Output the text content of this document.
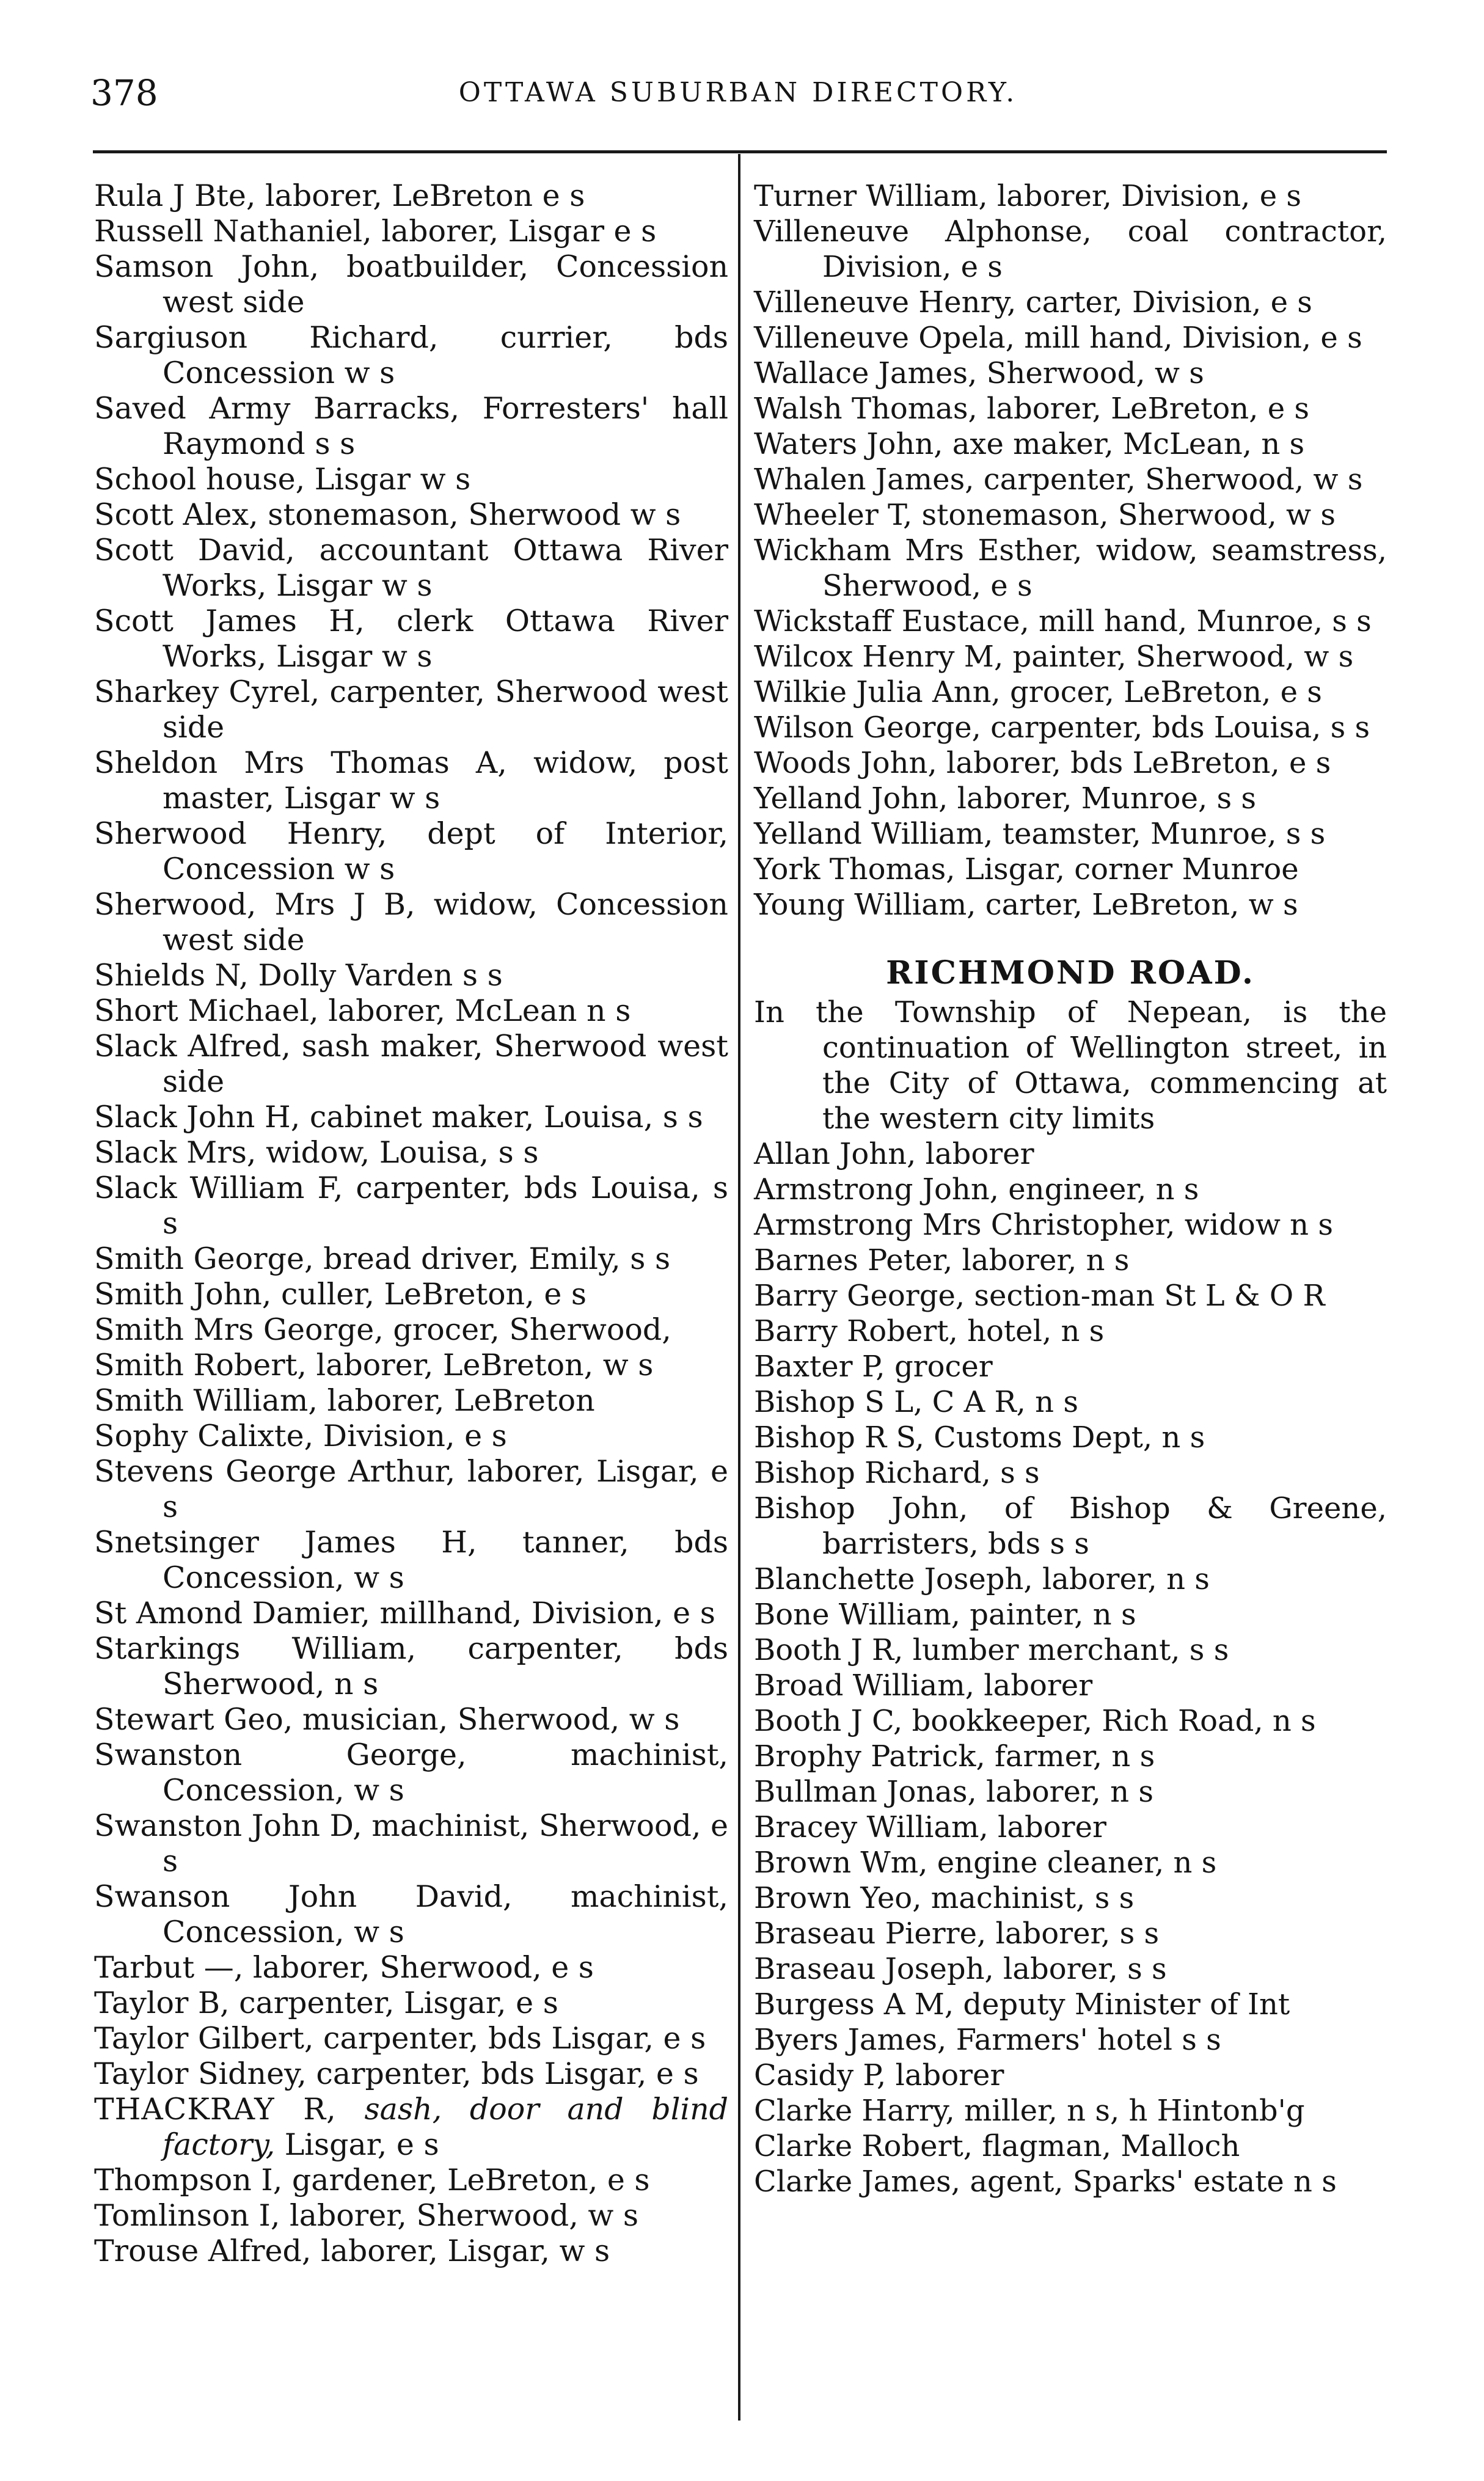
378	OTTAWA SUBURBAN DIRECTORY.
Rula J Bte, laborer, LeBreton e s
Russell Nathaniel, laborer, Lisgar e s
Samson John, boatbuilder, Concession west side
Sargiuson Richard, currier, bds Concession w s
Saved Army Barracks, Forresters' hall Raymond s s
School house, Lisgar w s
Scott Alex, stonemason, Sherwood w s
Scott David, accountant Ottawa River Works, Lisgar w s
Scott James H, clerk Ottawa River Works, Lisgar w s
Sharkey Cyrel, carpenter, Sherwood west side
Sheldon Mrs Thomas A, widow, post master, Lisgar w s
Sherwood Henry, dept of Interior, Concession w s
Sherwood, Mrs J B, widow, Concession west side
Shields N, Dolly Varden s s
Short Michael, laborer, McLean n s
Slack Alfred, sash maker, Sherwood west side
Slack John H, cabinet maker, Louisa, s s
Slack Mrs, widow, Louisa, s s
Slack William F, carpenter, bds Louisa, s s
Smith George, bread driver, Emily, s s
Smith John, culler, LeBreton, e s
Smith Mrs George, grocer, Sherwood,
Smith Robert, laborer, LeBreton, w s
Smith William, laborer, LeBreton
Sophy Calixte, Division, e s
Stevens George Arthur, laborer, Lisgar, e s
Snetsinger James H, tanner, bds Concession, w s
St Amond Damier, millhand, Division, e s
Starkings William, carpenter, bds Sherwood, n s
Stewart Geo, musician, Sherwood, w s
Swanston George, machinist, Concession, w s
Swanston John D, machinist, Sherwood, e s
Swanson John David, machinist, Concession, w s
Tarbut —, laborer, Sherwood, e s
Taylor B, carpenter, Lisgar, e s
Taylor Gilbert, carpenter, bds Lisgar, e s
Taylor Sidney, carpenter, bds Lisgar, e s
THACKRAY R, sash, door and blind factory, Lisgar, e s
Thompson I, gardener, LeBreton, e s
Tomlinson I, laborer, Sherwood, w s
Trouse Alfred, laborer, Lisgar, w s
Turner William, laborer, Division, e s
Villeneuve Alphonse, coal contractor, Division, e s
Villeneuve Henry, carter, Division, e s
Villeneuve Opela, mill hand, Division, e s
Wallace James, Sherwood, w s
Walsh Thomas, laborer, LeBreton, e s
Waters John, axe maker, McLean, n s
Whalen James, carpenter, Sherwood, w s
Wheeler T, stonemason, Sherwood, w s
Wickham Mrs Esther, widow, seamstress, Sherwood, e s
Wickstaff Eustace, mill hand, Munroe, s s
Wilcox Henry M, painter, Sherwood, w s
Wilkie Julia Ann, grocer, LeBreton, e s
Wilson George, carpenter, bds Louisa, s s
Woods John, laborer, bds LeBreton, e s
Yelland John, laborer, Munroe, s s
Yelland William, teamster, Munroe, s s
York Thomas, Lisgar, corner Munroe
Young William, carter, LeBreton, w s
RICHMOND ROAD.
In the Township of Nepean, is the continuation of Wellington street, in the City of Ottawa, commencing at the western city limits
Allan John, laborer
Armstrong John, engineer, n s
Armstrong Mrs Christopher, widow n s
Barnes Peter, laborer, n s
Barry George, section-man St L & O R
Barry Robert, hotel, n s
Baxter P, grocer
Bishop S L, C A R, n s
Bishop R S, Customs Dept, n s
Bishop Richard, s s
Bishop John, of Bishop & Greene, barristers, bds s s
Blanchette Joseph, laborer, n s
Bone William, painter, n s
Booth J R, lumber merchant, s s
Broad William, laborer
Booth J C, bookkeeper, Rich Road, n s
Brophy Patrick, farmer, n s
Bullman Jonas, laborer, n s
Bracey William, laborer
Brown Wm, engine cleaner, n s
Brown Yeo, machinist, s s
Braseau Pierre, laborer, s s
Braseau Joseph, laborer, s s
Burgess A M, deputy Minister of Int
Byers James, Farmers' hotel s s
Casidy P, laborer
Clarke Harry, miller, n s, h Hintonb'g
Clarke Robert, flagman, Malloch
Clarke James, agent, Sparks' estate n s
